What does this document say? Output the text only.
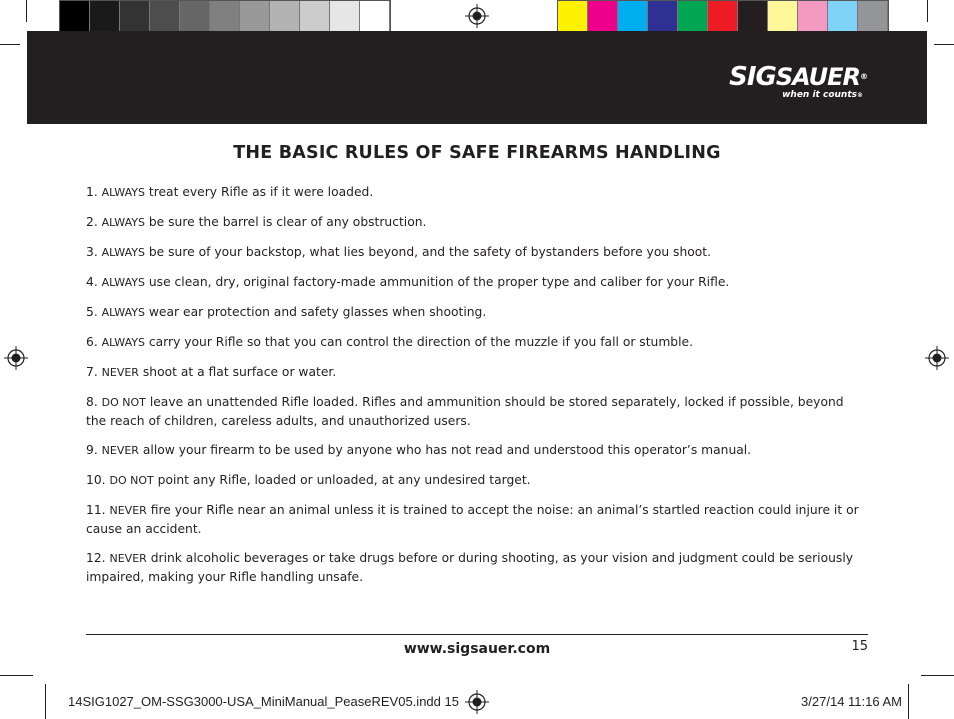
SIGSAUER®
when it counts®
THE BASIC RULES OF SAFE FIREARMS HANDLING
1. ALWAYS treat every Rifle as if it were loaded.
2. ALWAYS be sure the barrel is clear of any obstruction.
3. ALWAYS be sure of your backstop, what lies beyond, and the safety of bystanders before you shoot.
4. ALWAYS use clean, dry, original factory-made ammunition of the proper type and caliber for your Rifle.
5. ALWAYS wear ear protection and safety glasses when shooting.
6. ALWAYS carry your Rifle so that you can control the direction of the muzzle if you fall or stumble.
7. NEVER shoot at a flat surface or water.
8. DO NOT leave an unattended Rifle loaded. Rifles and ammunition should be stored separately, locked if possible, beyond the reach of children, careless adults, and unauthorized users.
9. NEVER allow your firearm to be used by anyone who has not read and understood this operator’s manual.
10. DO NOT point any Rifle, loaded or unloaded, at any undesired target.
11. NEVER fire your Rifle near an animal unless it is trained to accept the noise: an animal’s startled reaction could injure it or cause an accident.
12. NEVER drink alcoholic beverages or take drugs before or during shooting, as your vision and judgment could be seriously impaired, making your Rifle handling unsafe.
www.sigsauer.com	15
14SIG1027_OM-SSG3000-USA_MiniManual_PeaseREV05.indd 15	3/27/14 11:16 AM
